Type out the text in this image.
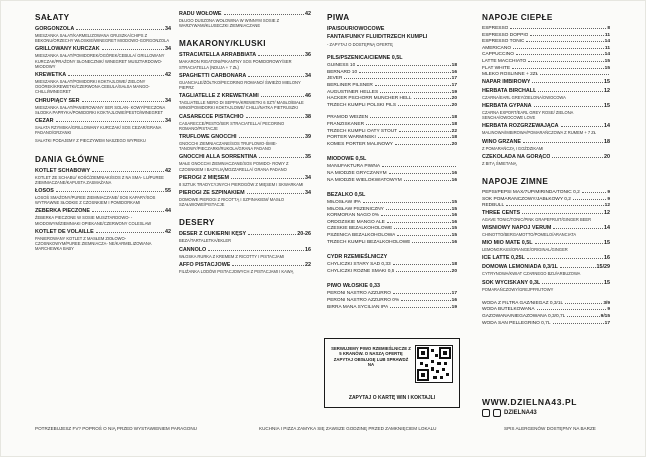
SAŁATY
GORGONZOLA	34
MIESZANKA SAŁAT/KARMELIZOWANA GRUSZKA/CHIPS Z BEKONU/ORZECHY WŁOSKIE/WINEGRET MIODOWO-GORGONZOLA
GRILLOWANY KURCZAK	34
MIESZANKA SAŁAT/POMIDOREK/OGÓREK/CEBULA/ GRILLOWANY KURCZAK/PRAŻONY SŁONECZNIK/ WINEGRET MUSZTARDOWO-MIODOWY
KREWETKA	42
MIESZANKA SAŁAT/POMIDORKI KOKTAJLOWE/ ZIELONY OGÓREK/KREWETKI/CZERWONA CEBULA/SAŁSA MANGO-CHILLI/WINEGRET
CHRUPIĄCY SER	34
MIESZANKA SAŁAT/PANIEROWANY SER SOLAN- KOWY/PIECZONA SŁODKA PAPRYKA/POMIDORKI KOKTAJLOWE/PESTO/WINEGRET
CEZAR	34
SAŁATA RZYMSKA/GRILLOWANY KURCZAK/ SOS CEZAR/GRANA PADANO/GRZANKI
SAŁATKI PODAJEMY Z PIECZYWEM NASZEGO WYPIEKU
DANIA GŁÓWNE
KOTLET SCHABOWY	42
KOTLET ZE SCHABU/ KOŚĆ/ZIEMNIAKI/SOS Z NA SMA- LU/PUREE ZIEMNIACZANE/KAPUSTA ZASMAŻANA
ŁOSOŚ	55
ŁOSOŚ SMAŻONY/PUREE ZIEMNIACZANE/ SOS KAPARY/SOS WYTRAWNE SŁODKIE Z CZOSNKIEM I POMIDORKAMI
ŻEBERKA PIECZONE	44
ŻEBERKA PIECZONE W SOSIE MUSZTARDOWO- -MIODOWYM/ZIEMNIAKI OPIEKANE/CZERWONY COLESLAW
KOTLET DE VOLAILLE	42
PANIEROWANY KOTLET Z MASŁEM ZIOŁOWO-CZOSNKOWYM/PUREE ZIEMNIACZA- NE/KARMELIZOWANA MARCHEWKA BABY
RADU WOŁOWE	42
DŁUGO DUSZONA WOŁOWINA W WINNYM SOSIE Z WARZYWAMI/KLUSECZKI ZIEMNIACZANE
MAKARONY/KLUSKI
STRACIATELLA ARRABBIATA	36
MAKARON RIGATONI/PIKANTNY SOS POMIDOROWY/SER STRACIATELLA (NDUJA + 7 ZŁ)
SPAGHETTI CARBONARA	34
GUANCIALE/ŻÓŁTKO/PECORINO ROMANO/ ŚWIEŻO MIELONY PIEPRZ
TAGLIATELLE Z KREWETKAMI	46
TAGLIATELLE NERO DI SEPPIA/KREWETKI 6 SZT/ MASŁO/BIAŁE WINO/POMIDORKI KOKTAJLOWE/ CHILLI/NATKA PIETRUSZKI
CASARECCE PISTACHIO	38
CASARECCE/PESTO/SER STRACIATELLA/ PECORINO ROMANO/PISTACJE
TRUFLOWE GNOCCHI	39
GNOCCHI ZIEMNIACZANE/SOS TRUFLOWO-ŚMIE- TANOWY/PIECZARKI/RUKOLA/GRANA PADANO
GNOCCHI ALLA SORRENTINA	35
MAŁE GNOCCHI ZIEMNIACZANE/SOS POMIDO- ROWY Z CZOSNKIEM I BAZYLIĄ/MOZZARELLA/ GRANA PADANO
PIEROGI Z MIĘSEM	34
8 SZTUK TRADYCYJNYCH PIEROGÓW Z MIĘSEM I SKWARKAMI
PIEROGI ZE SZPINAKIEM	34
DOMOWE PIEROGI Z RICOTTĄ I SZPINAKIEM/ MASŁO SZAŁWIOWE/PISTACJE
DESERY
DESER Z CUKIERNI KĘSY	20-26
BEZA/TARTALETKA/EKLER
CANNOLO	16
WŁOSKA RURKA Z KREMEM Z RICOTTY I PISTACJAMI
AFFO PISTACJOWE	22
FILIŻANKA LODÓW PISTACJOWYCH Z PISTACJAMI I KAWĄ
PIWA
IPA/SOUR/OWOCOWE
FANTA/FUNKY FLUID/TRZECH KUMPLI
- ZAPYTAJ O DOSTĘPNĄ OFERTĘ
PILS/PSZENICA/CIEMNE 0,5L
GUINESS 10	18
BERNARD 10	16
JEVER	17
BERLINER PILSNER	17
AUGUSTINER HELLES	19
HACKER PSCHORR MUNCHER HELL	20
TRZECH KUMPLI POLSKI PILS	20
PRAMOD WEIZEN	18
FRANZISKANER	18
TRZECH KUMPLI OATY STOUT	22
PORTER WARMIŃSKI	18
KOMES PORTER MALINOWY	20
MIODOWE 0,5L
MANUFAKTURA PIWNA
NA MIODZIE GRYCZANYM	16
NA MIODZIE WIELOKWIATOWYM	16
BEZALKO 0,5L
MIŁOSŁAW IPA	15
MIŁOSŁAW PSZENICZNY	15
KORMORAN NAGO 0%	16
ORDOŻSKIE MANGO ALE	16
CZESKIE BEZALKOHOLOWE	15
PSZENICA BEZALKOHOLOWA	15
TRZECH KUMPLI BEZALKOHOLOWE	16
CYDR RZEMIEŚLNICZY
CHYLICZKI STARY SAD 0,33	18
CHYLICZKI RÓŻNE SMAKI 0,5	20
PIWO WŁOSKIE 0,33
PERONI NASTRO AZZURRO	17
PERONI NASTRO AZZURRO 0%	16
BIRRA MANA SYCILIAN IPA	19
NAPOJE CIEPŁE
ESPRESSO	8
ESPRESSO DOPPIO	11
ESPRESSO TONIC	14
AMERICANO	11
CAPPUCCINO	14
LATTE MACCHIATO	15
FLAT WHITE	15
MLEKO ROŚLINNE + 2ZŁ
NAPAR IMBIROWY	15
HERBATA BIRCHALL	12
CZARNA/EARL GREY/ZIELONA/OWOCOWA
HERBATA GYPANA	15
CZARNA EXPORT/EARL GREY ROSE/ ZIELONA SENCHA/OWOCOWE LOVE
HERBATA ROZGRZEWAJĄCA	14
MALINOWA/IMBIROWA/POMARAŃCZOWA Z RUMEM + 7 ZŁ
WINO GRZANE	18
Z POMARAŃCZĄ I GOŹDZIKAMI
CZEKOLADA NA GORĄCO	20
Z BITĄ ŚMIETANĄ
NAPOJE ZIMNE
PEPSI/PEPSI MAX/7UP/MIRINDA/TONIC 0,2	9
SOK POMARAŃCZOWY/JABŁKOWY 0,2	9
REDBULL	12
THREE CENTS	12
AGAVE TONIC/TONIC/PINK GRAPEFRUIT/GINGER BEER
WIŚNIOWY NAPÓJ VERUM	14
CHINOTTO/BERGAMOTTO/POMELO/ARANCIATA
MIO MIO MATE 0,5L	15
LEMONGRASS/ORANGE/ORIGINAL/GINGER
ICE LATTE 0,25L	16
DOMOWA LEMONIADA 0,3/1L	15/29
CYTRYNOWA/KWIAT CZARNEGO BZU/ARBUZOWA
SOK WYCISKANY 0,3L	15
POMARAŃCZOWY/GREJPFRUTOWY
WODA Z FILTRA GAZ/NIEGAZ 0,3/1L	3/9
WODA BUTELKOWANA	9
GAZOWANA/NIEGAZOWANA 0,3/0,7L	9/15
WODA SAN PELLEGRINO 0,7L	17
SERWUJEMY PIWO RZEMIEŚLNICZE Z 5 KRANÓW. O NASZĄ OFERTĘ ZAPYTAJ OBSŁUGĘ LUB SPRAWDŹ NA
ZAPYTAJ O KARTĘ WIN I KOKTAJLI	WWW.DZIELNA43.PL
DZIELNA43
POTRZEBUJESZ FV? POPROŚ O NIĄ PRZED WYSTAWIENIEM PARAGONU	KUCHNIA I PIZZA ZAMYKA SIĘ ZAWSZE GODZINĘ PRZED ZAMKNIĘCIEM LOKALU	SPIS ALERGENÓW DOSTĘPNY NA BARZE
